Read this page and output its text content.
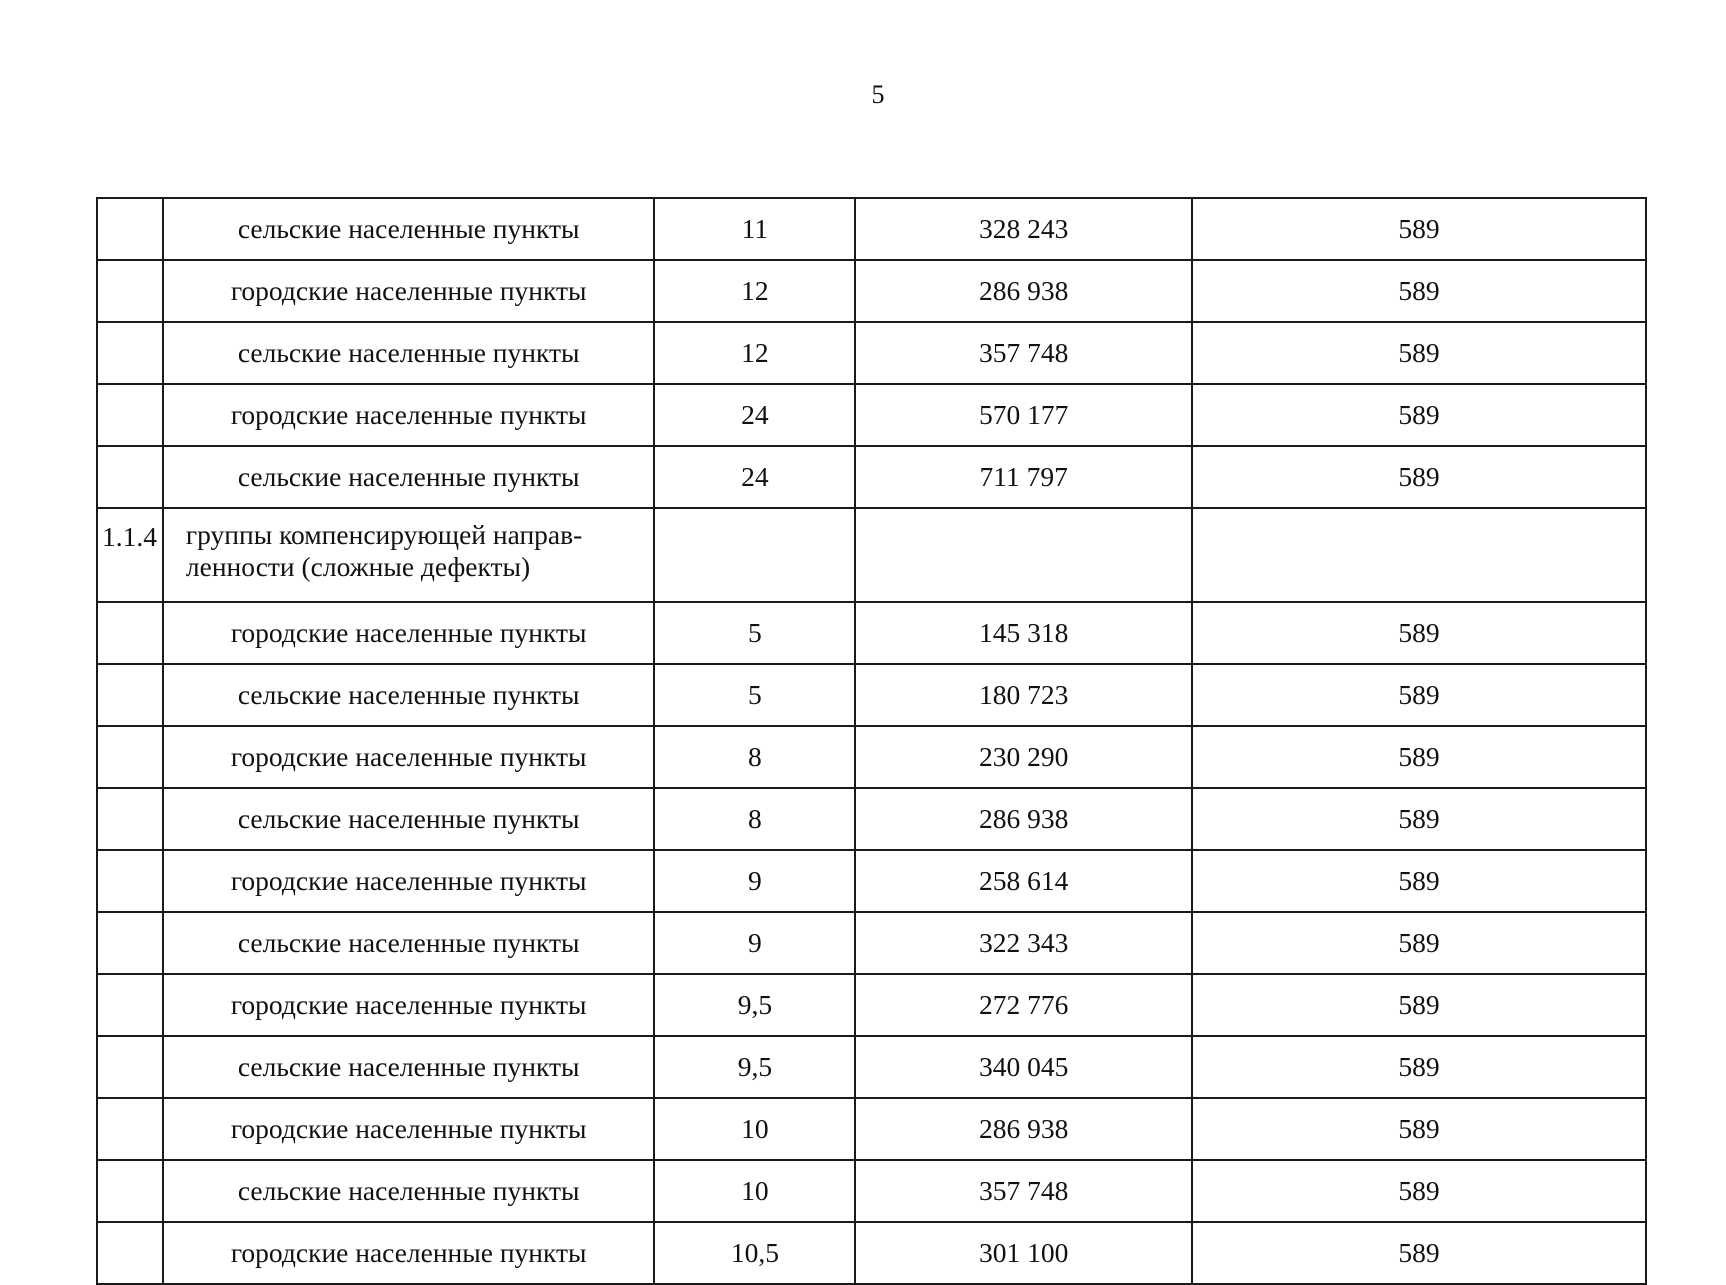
5
	сельские населенные пункты	11	328 243	589
	городские населенные пункты	12	286 938	589
	сельские населенные пункты	12	357 748	589
	городские населенные пункты	24	570 177	589
	сельские населенные пункты	24	711 797	589
1.1.4	группы компенсирующей направ-
ленности (сложные дефекты)			
	городские населенные пункты	5	145 318	589
	сельские населенные пункты	5	180 723	589
	городские населенные пункты	8	230 290	589
	сельские населенные пункты	8	286 938	589
	городские населенные пункты	9	258 614	589
	сельские населенные пункты	9	322 343	589
	городские населенные пункты	9,5	272 776	589
	сельские населенные пункты	9,5	340 045	589
	городские населенные пункты	10	286 938	589
	сельские населенные пункты	10	357 748	589
	городские населенные пункты	10,5	301 100	589
